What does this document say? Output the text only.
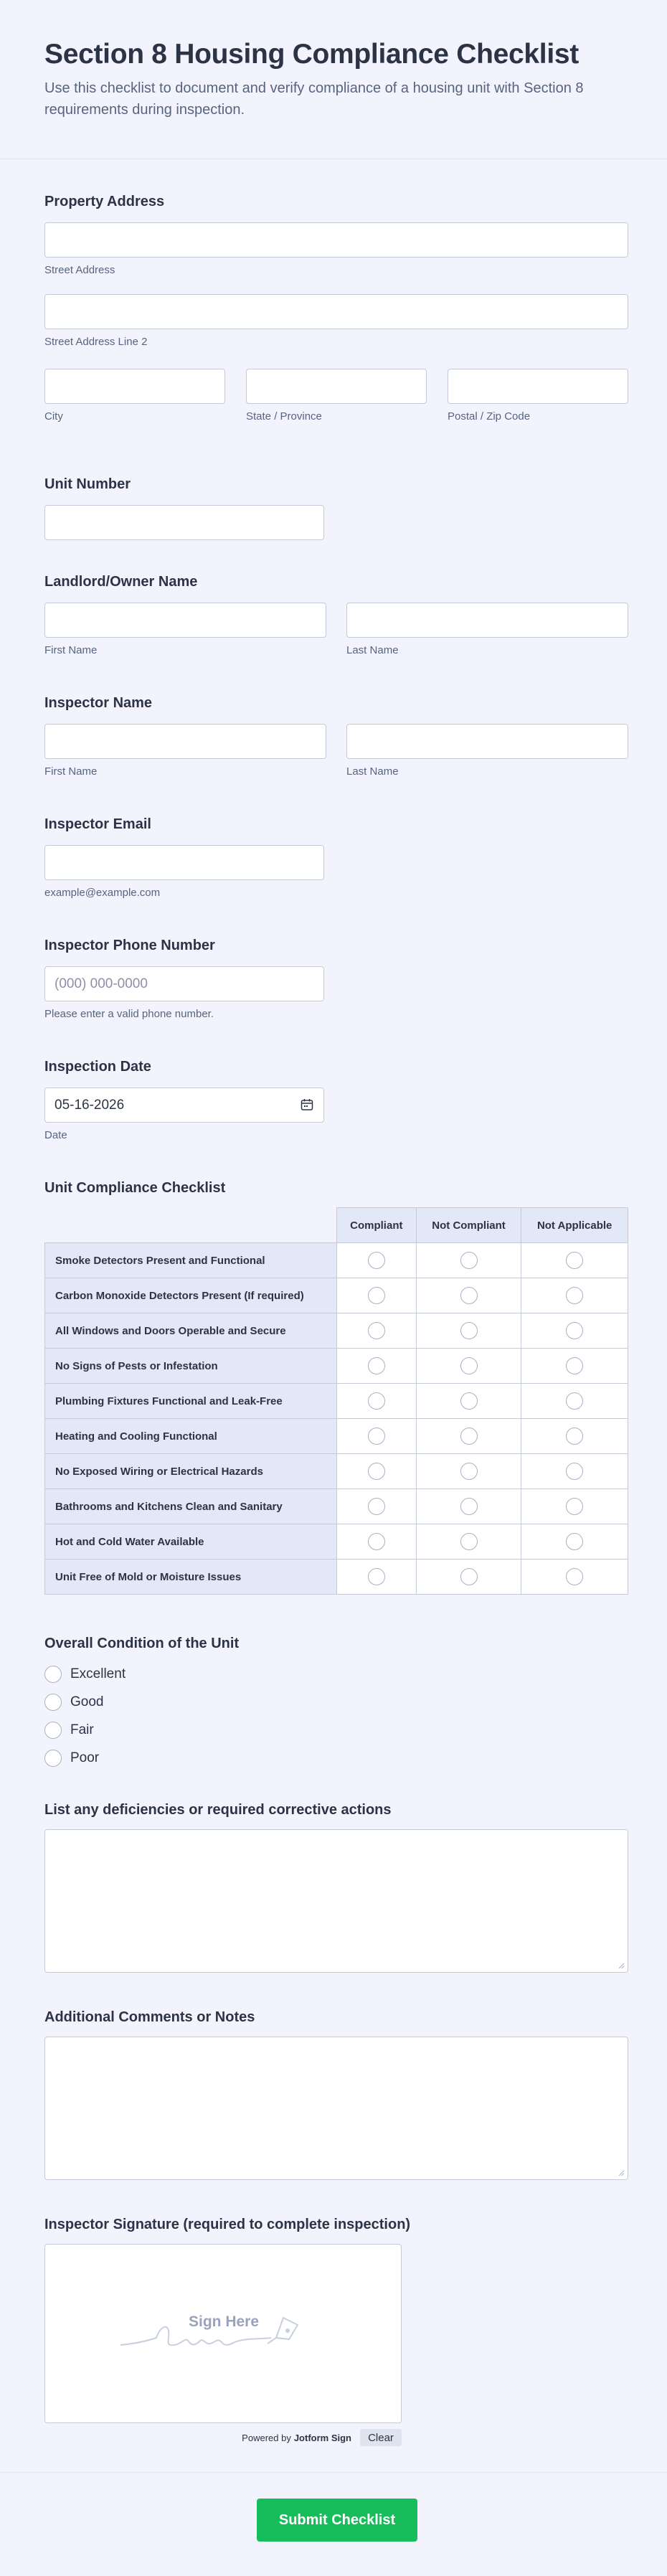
Section 8 Housing Compliance Checklist

Use this checklist to document and verify compliance of a housing unit with Section 8 requirements during inspection.

Property Address
Street Address
Street Address Line 2
City	State / Province	Postal / Zip Code
Unit Number
Landlord/Owner Name
First Name	Last Name
Inspector Name
First Name	Last Name
Inspector Email
example@example.com
Inspector Phone Number
(000) 000-0000
Please enter a valid phone number.
Inspection Date
05-16-2026
Date
Unit Compliance Checklist
	Compliant	Not Compliant	Not Applicable
Smoke Detectors Present and Functional			
Carbon Monoxide Detectors Present (If required)			
All Windows and Doors Operable and Secure			
No Signs of Pests or Infestation			
Plumbing Fixtures Functional and Leak-Free			
Heating and Cooling Functional			
No Exposed Wiring or Electrical Hazards			
Bathrooms and Kitchens Clean and Sanitary			
Hot and Cold Water Available			
Unit Free of Mold or Moisture Issues			
Overall Condition of the Unit
Excellent
Good
Fair
Poor
List any deficiencies or required corrective actions
Additional Comments or Notes
Inspector Signature (required to complete inspection)
Sign Here
Powered by Jotform Sign	Clear
Submit Checklist
